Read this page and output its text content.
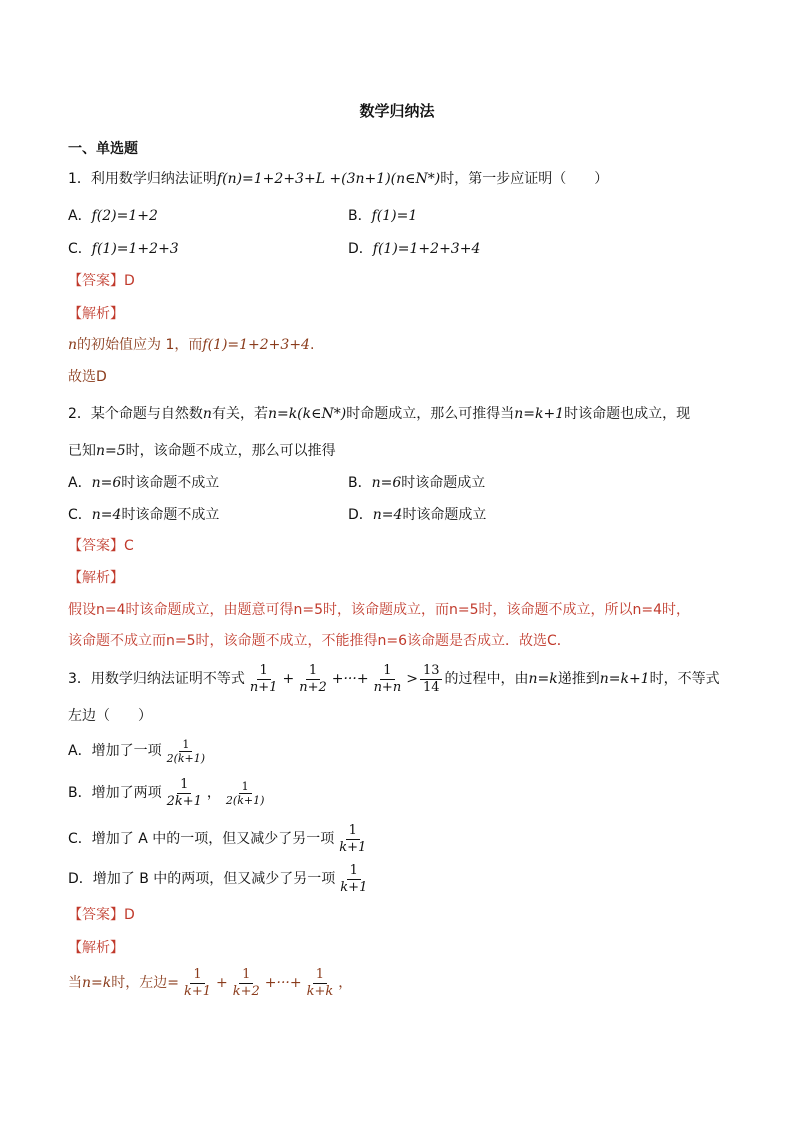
数学归纳法
一、单选题
1．利用数学归纳法证明f(n)=1+2+3+L +(3n+1)(n∈N*)时，第一步应证明（　　）
A．f(2)=1+2	B．f(1)=1
C．f(1)=1+2+3	D．f(1)=1+2+3+4
【答案】D
【解析】
n的初始值应为 1，而f(1)=1+2+3+4.
故选D
2．某个命题与自然数n有关，若n=k(k∈N*)时命题成立，那么可推得当n=k+1时该命题也成立，现
已知n=5时，该命题不成立，那么可以推得
A．n=6时该命题不成立	B．n=6时该命题成立
C．n=4时该命题不成立	D．n=4时该命题成立
【答案】C
【解析】
假设n=4时该命题成立，由题意可得n=5时，该命题成立，而n=5时，该命题不成立，所以n=4时，
该命题不成立而n=5时，该命题不成立，不能推得n=6该命题是否成立．故选C．
3．用数学归纳法证明不等式 $\frac{1}{n+1} + \frac{1}{n+2}$ +···+ $\frac{1}{n+n} > \frac{13}{14}$ 的过程中，由n=k递推到n=k+1时，不等式
左边（　　）
A．增加了一项 $\frac{1}{2(k+1)}$
B．增加了两项 $\frac{1}{2k+1}$ ， $\frac{1}{2(k+1)}$
C．增加了 A 中的一项，但又减少了另一项 $\frac{1}{k+1}$
D．增加了 B 中的两项，但又减少了另一项 $\frac{1}{k+1}$
【答案】D
【解析】
当n=k时，左边= $\frac{1}{k+1} + \frac{1}{k+2}$ +···+ $\frac{1}{k+k}$ ，
